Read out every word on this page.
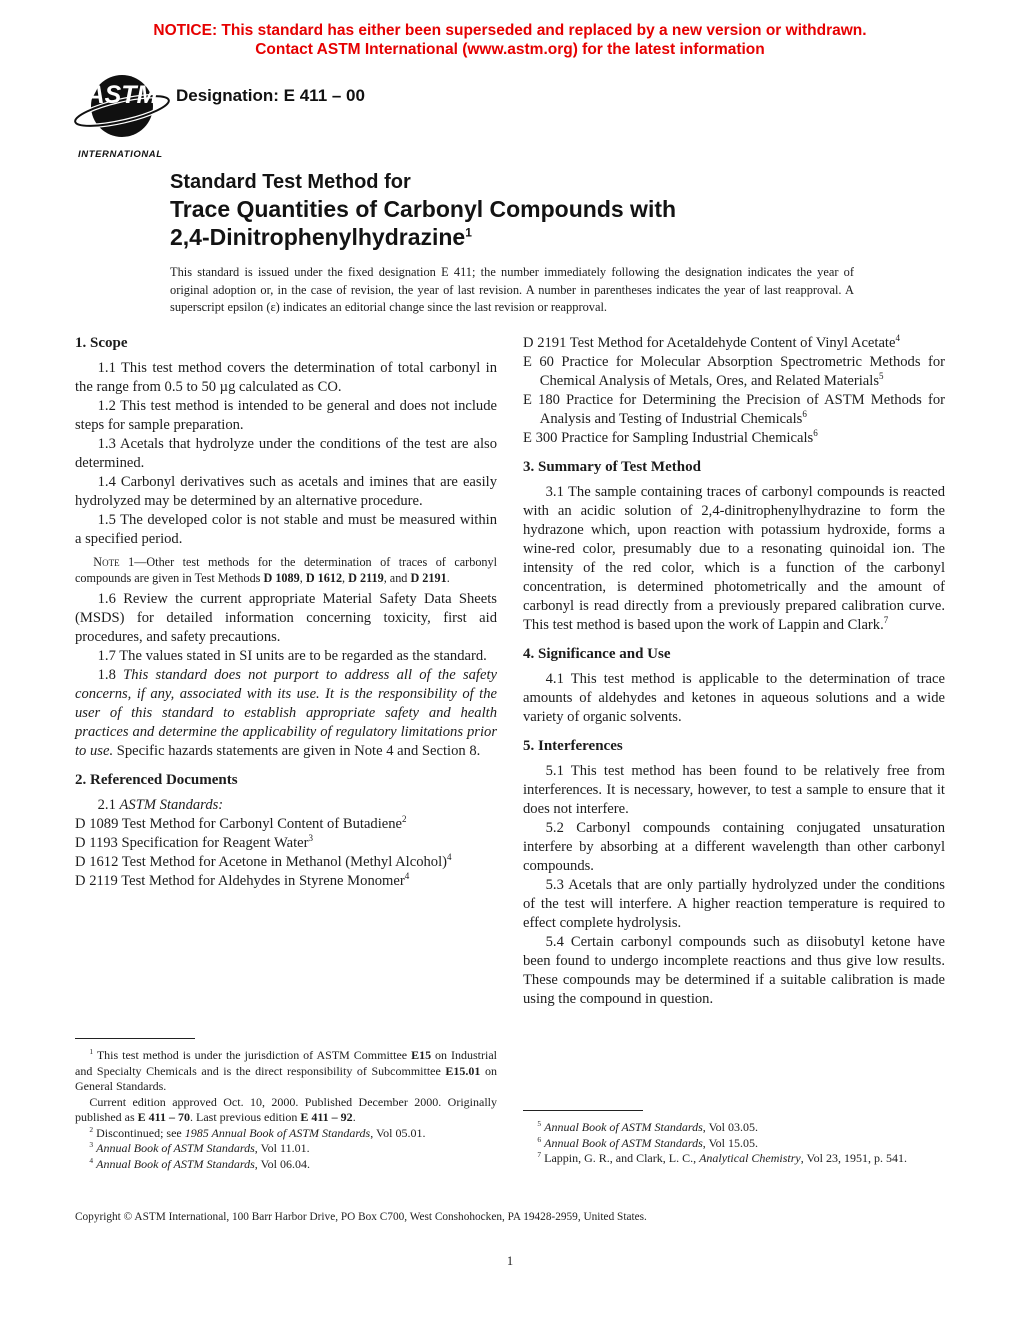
NOTICE: This standard has either been superseded and replaced by a new version or withdrawn.
Contact ASTM International (www.astm.org) for the latest information
ASTM
INTERNATIONAL
Designation: E 411 – 00
Standard Test Method for
Trace Quantities of Carbonyl Compounds with
2,4-Dinitrophenylhydrazine$^1$
This standard is issued under the fixed designation E 411; the number immediately following the designation indicates the year of original adoption or, in the case of revision, the year of last revision. A number in parentheses indicates the year of last reapproval. A superscript epsilon (ε) indicates an editorial change since the last revision or reapproval.
1. Scope

1.1 This test method covers the determination of total carbonyl in the range from 0.5 to 50 µg calculated as CO.

1.2 This test method is intended to be general and does not include steps for sample preparation.

1.3 Acetals that hydrolyze under the conditions of the test are also determined.

1.4 Carbonyl derivatives such as acetals and imines that are easily hydrolyzed may be determined by an alternative procedure.

1.5 The developed color is not stable and must be measured within a specified period.

Note 1—Other test methods for the determination of traces of carbonyl compounds are given in Test Methods D 1089, D 1612, D 2119, and D 2191.

1.6 Review the current appropriate Material Safety Data Sheets (MSDS) for detailed information concerning toxicity, first aid procedures, and safety precautions.

1.7 The values stated in SI units are to be regarded as the standard.

1.8 This standard does not purport to address all of the safety concerns, if any, associated with its use. It is the responsibility of the user of this standard to establish appropriate safety and health practices and determine the applicability of regulatory limitations prior to use. Specific hazards statements are given in Note 4 and Section 8.

2. Referenced Documents

2.1 ASTM Standards:

D 1089 Test Method for Carbonyl Content of Butadiene$^2$

D 1193 Specification for Reagent Water$^3$

D 1612 Test Method for Acetone in Methanol (Methyl Alcohol)$^4$

D 2119 Test Method for Aldehydes in Styrene Monomer$^4$

D 2191 Test Method for Acetaldehyde Content of Vinyl Acetate$^4$

E 60 Practice for Molecular Absorption Spectrometric Methods for Chemical Analysis of Metals, Ores, and Related Materials$^5$

E 180 Practice for Determining the Precision of ASTM Methods for Analysis and Testing of Industrial Chemicals$^6$

E 300 Practice for Sampling Industrial Chemicals$^6$

3. Summary of Test Method

3.1 The sample containing traces of carbonyl compounds is reacted with an acidic solution of 2,4-dinitrophenylhydrazine to form the hydrazone which, upon reaction with potassium hydroxide, forms a wine-red color, presumably due to a resonating quinoidal ion. The intensity of the red color, which is a function of the carbonyl concentration, is determined photometrically and the amount of carbonyl is read directly from a previously prepared calibration curve. This test method is based upon the work of Lappin and Clark.$^7$

4. Significance and Use

4.1 This test method is applicable to the determination of trace amounts of aldehydes and ketones in aqueous solutions and a wide variety of organic solvents.

5. Interferences

5.1 This test method has been found to be relatively free from interferences. It is necessary, however, to test a sample to ensure that it does not interfere.

5.2 Carbonyl compounds containing conjugated unsaturation interfere by absorbing at a different wavelength than other carbonyl compounds.

5.3 Acetals that are only partially hydrolyzed under the conditions of the test will interfere. A higher reaction temperature is required to effect complete hydrolysis.

5.4 Certain carbonyl compounds such as diisobutyl ketone have been found to undergo incomplete reactions and thus give low results. These compounds may be determined if a suitable calibration is made using the compound in question.

$^1$ This test method is under the jurisdiction of ASTM Committee E15 on Industrial and Specialty Chemicals and is the direct responsibility of Subcommittee E15.01 on General Standards.

Current edition approved Oct. 10, 2000. Published December 2000. Originally published as E 411 – 70. Last previous edition E 411 – 92.

$^2$ Discontinued; see 1985 Annual Book of ASTM Standards, Vol 05.01.

$^3$ Annual Book of ASTM Standards, Vol 11.01.

$^4$ Annual Book of ASTM Standards, Vol 06.04.

$^5$ Annual Book of ASTM Standards, Vol 03.05.

$^6$ Annual Book of ASTM Standards, Vol 15.05.

$^7$ Lappin, G. R., and Clark, L. C., Analytical Chemistry, Vol 23, 1951, p. 541.

Copyright © ASTM International, 100 Barr Harbor Drive, PO Box C700, West Conshohocken, PA 19428-2959, United States.
1
